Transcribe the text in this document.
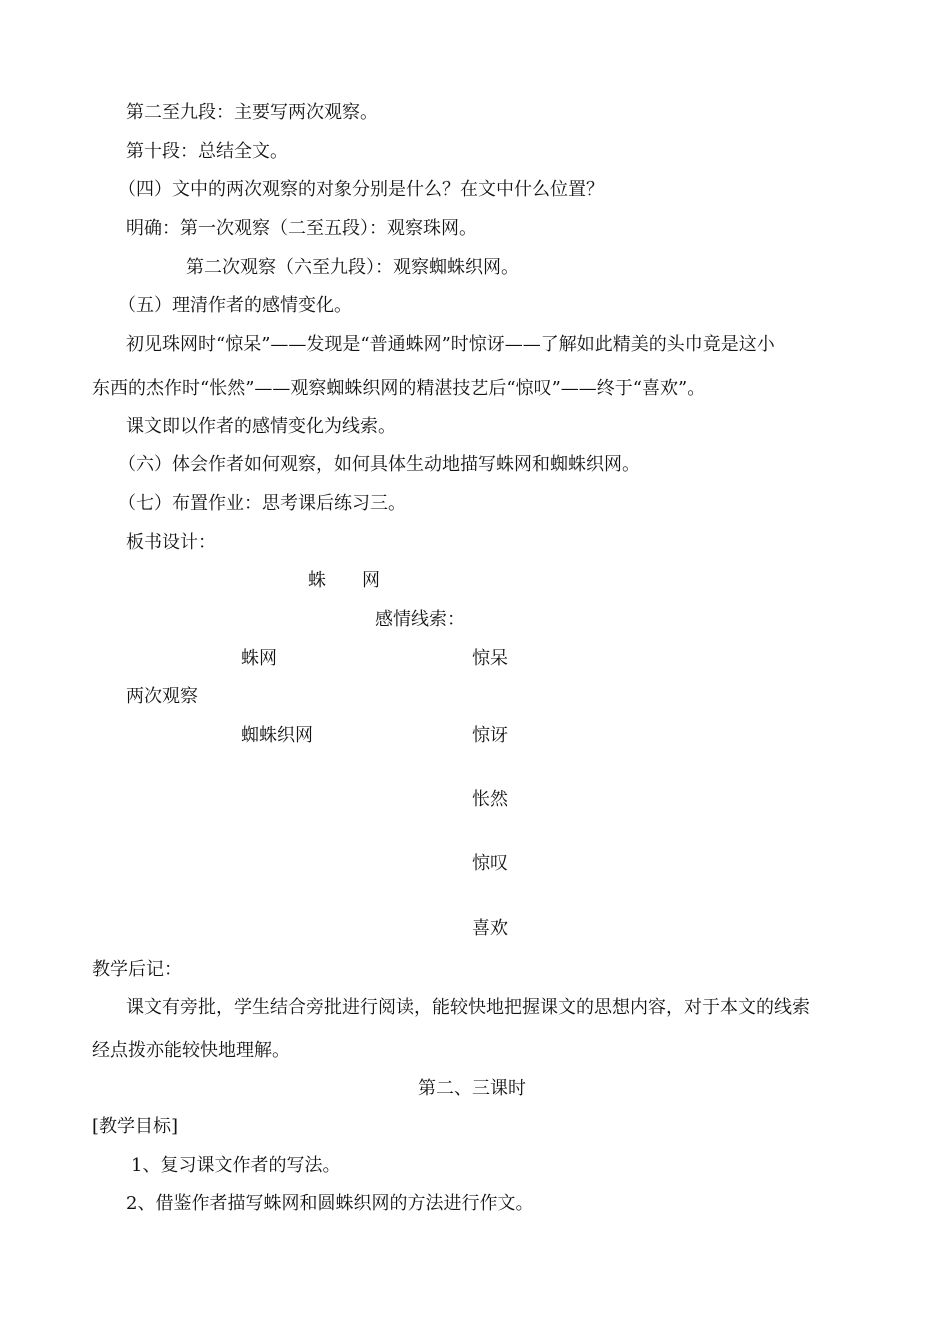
第二至九段：主要写两次观察。
第十段：总结全文。
（四）文中的两次观察的对象分别是什么？在文中什么位置？
明确：第一次观察（二至五段）：观察珠网。
第二次观察（六至九段）：观察蜘蛛织网。
（五）理清作者的感情变化。
初见珠网时“惊呆”——发现是“普通蛛网”时惊讶——了解如此精美的头巾竟是这小
东西的杰作时“怅然”——观察蜘蛛织网的精湛技艺后“惊叹”——终于“喜欢”。
课文即以作者的感情变化为线索。
（六）体会作者如何观察，如何具体生动地描写蛛网和蜘蛛织网。
（七）布置作业：思考课后练习三。
板书设计：
蛛　　网
感情线索：
蛛网	惊呆
两次观察
蜘蛛织网	惊讶
怅然
惊叹
喜欢
教学后记：
课文有旁批，学生结合旁批进行阅读，能较快地把握课文的思想内容，对于本文的线索
经点拨亦能较快地理解。
第二、三课时
[教学目标]
1、复习课文作者的写法。
2、借鉴作者描写蛛网和圆蛛织网的方法进行作文。
